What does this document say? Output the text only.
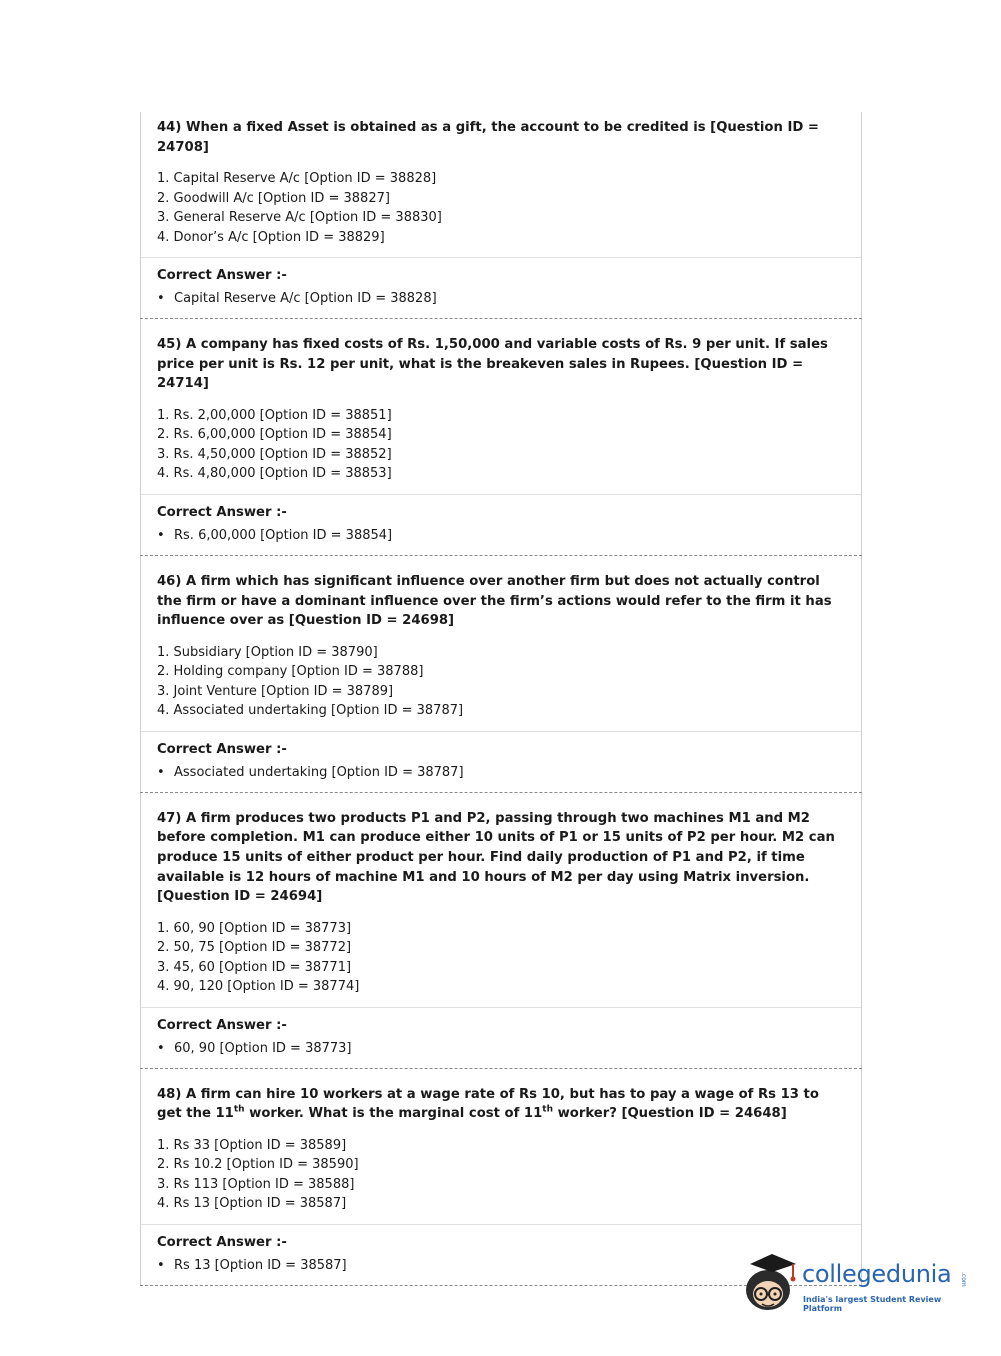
44) When a fixed Asset is obtained as a gift, the account to be credited is [Question ID = 24708]

1. Capital Reserve A/c [Option ID = 38828]
2. Goodwill A/c [Option ID = 38827]
3. General Reserve A/c [Option ID = 38830]
4. Donor’s A/c [Option ID = 38829]
Correct Answer :-
• Capital Reserve A/c [Option ID = 38828]

45) A company has fixed costs of Rs. 1,50,000 and variable costs of Rs. 9 per unit. If sales price per unit is Rs. 12 per unit, what is the breakeven sales in Rupees. [Question ID = 24714]

1. Rs. 2,00,000 [Option ID = 38851]
2. Rs. 6,00,000 [Option ID = 38854]
3. Rs. 4,50,000 [Option ID = 38852]
4. Rs. 4,80,000 [Option ID = 38853]
Correct Answer :-
• Rs. 6,00,000 [Option ID = 38854]

46) A firm which has significant influence over another firm but does not actually control the firm or have a dominant influence over the firm’s actions would refer to the firm it has influence over as [Question ID = 24698]

1. Subsidiary [Option ID = 38790]
2. Holding company [Option ID = 38788]
3. Joint Venture [Option ID = 38789]
4. Associated undertaking [Option ID = 38787]
Correct Answer :-
• Associated undertaking [Option ID = 38787]

47) A firm produces two products P1 and P2, passing through two machines M1 and M2 before completion. M1 can produce either 10 units of P1 or 15 units of P2 per hour. M2 can produce 15 units of either product per hour. Find daily production of P1 and P2, if time available is 12 hours of machine M1 and 10 hours of M2 per day using Matrix inversion. [Question ID = 24694]

1. 60, 90 [Option ID = 38773]
2. 50, 75 [Option ID = 38772]
3. 45, 60 [Option ID = 38771]
4. 90, 120 [Option ID = 38774]
Correct Answer :-
• 60, 90 [Option ID = 38773]

48) A firm can hire 10 workers at a wage rate of Rs 10, but has to pay a wage of Rs 13 to get the 11th worker. What is the marginal cost of 11th worker? [Question ID = 24648]

1. Rs 33 [Option ID = 38589]
2. Rs 10.2 [Option ID = 38590]
3. Rs 113 [Option ID = 38588]
4. Rs 13 [Option ID = 38587]
Correct Answer :-
• Rs 13 [Option ID = 38587]	collegedunia .com
India's largest Student Review Platform
